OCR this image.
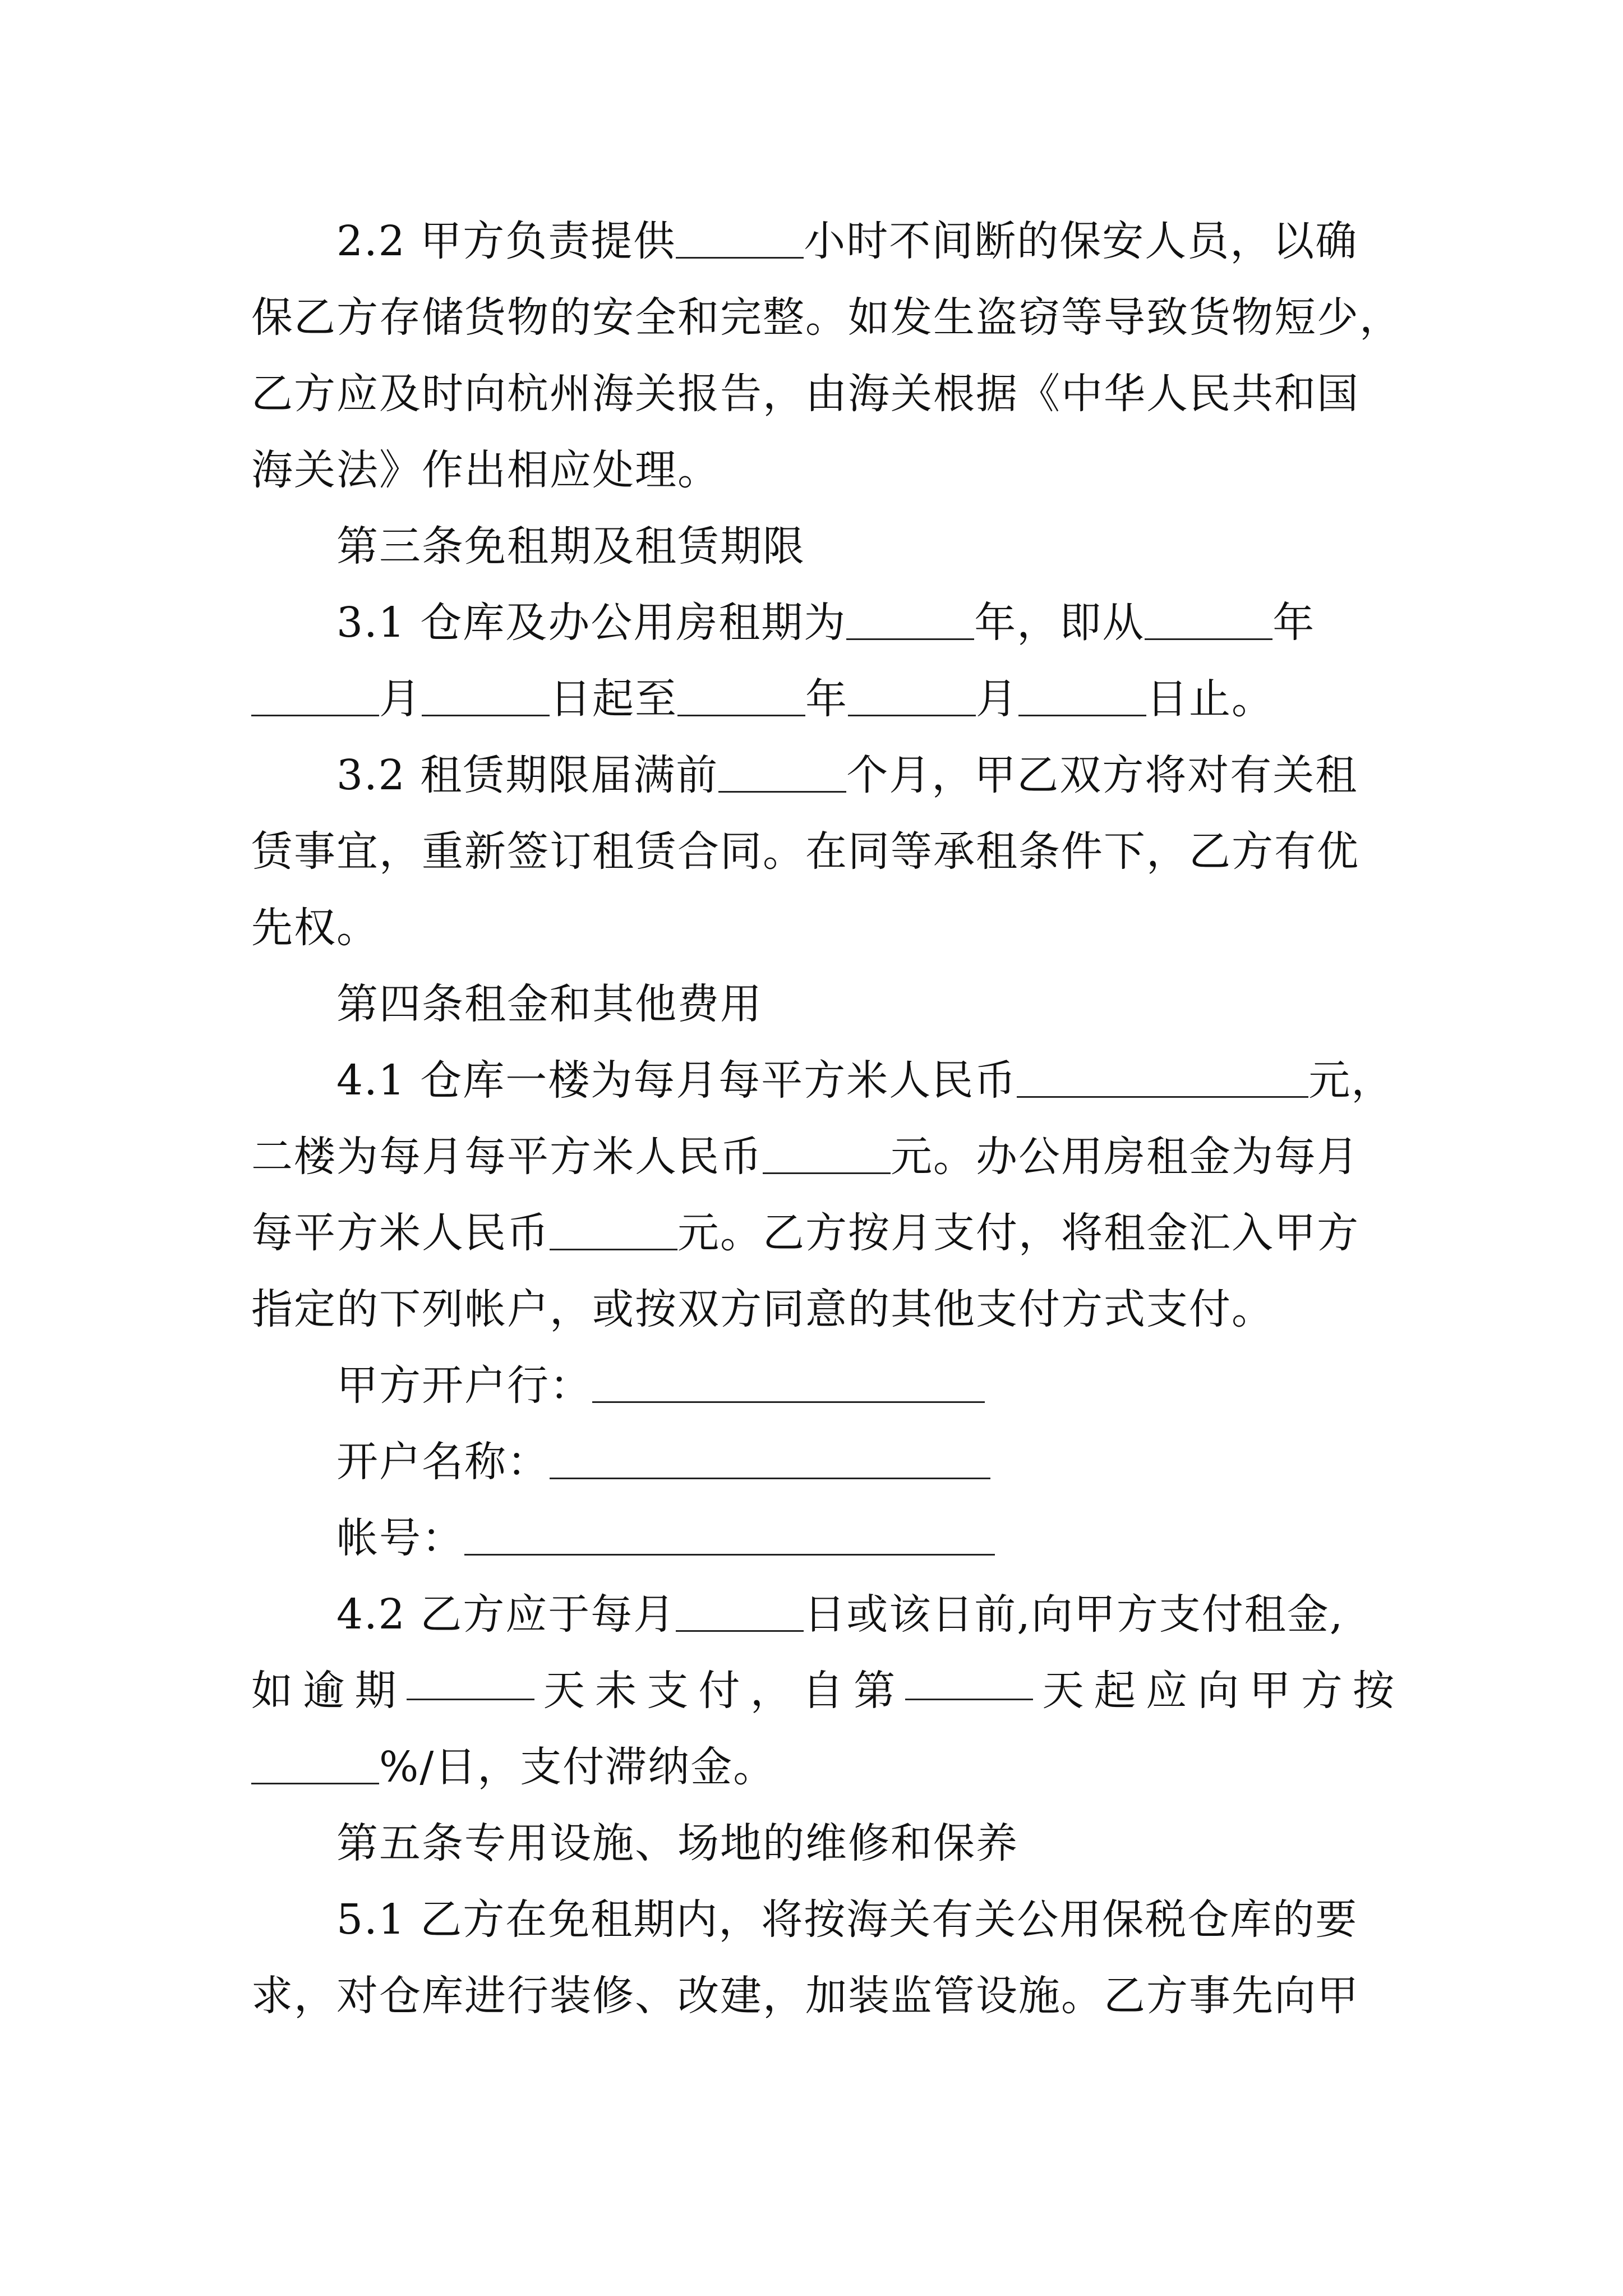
2.2 甲方负责提供	小时不间断的保安人员，以确
保乙方存储货物的安全和完整。如发生盗窃等导致货物短少，
乙方应及时向杭州海关报告，由海关根据《中华人民共和国
海关法》作出相应处理。
第三条免租期及租赁期限
3.1 仓库及办公用房租期为	年，即从	年
月	日起至	年	月	日止。
3.2 租赁期限届满前	个月，甲乙双方将对有关租
赁事宜，重新签订租赁合同。在同等承租条件下，乙方有优
先权。
第四条租金和其他费用
4.1 仓库一楼为每月每平方米人民币	元，
二楼为每月每平方米人民币	元。办公用房租金为每月
每平方米人民币	元。乙方按月支付，将租金汇入甲方
指定的下列帐户，或按双方同意的其他支付方式支付。
甲方开户行：
开户名称：
帐号：
4.2 乙方应于每月	日或该日前,向甲方支付租金,
如 逾 期	天 未 支 付 ， 自 第	天 起 应 向 甲 方 按
%/日，支付滞纳金。
第五条专用设施、场地的维修和保养
5.1 乙方在免租期内，将按海关有关公用保税仓库的要
求，对仓库进行装修、改建，加装监管设施。乙方事先向甲
